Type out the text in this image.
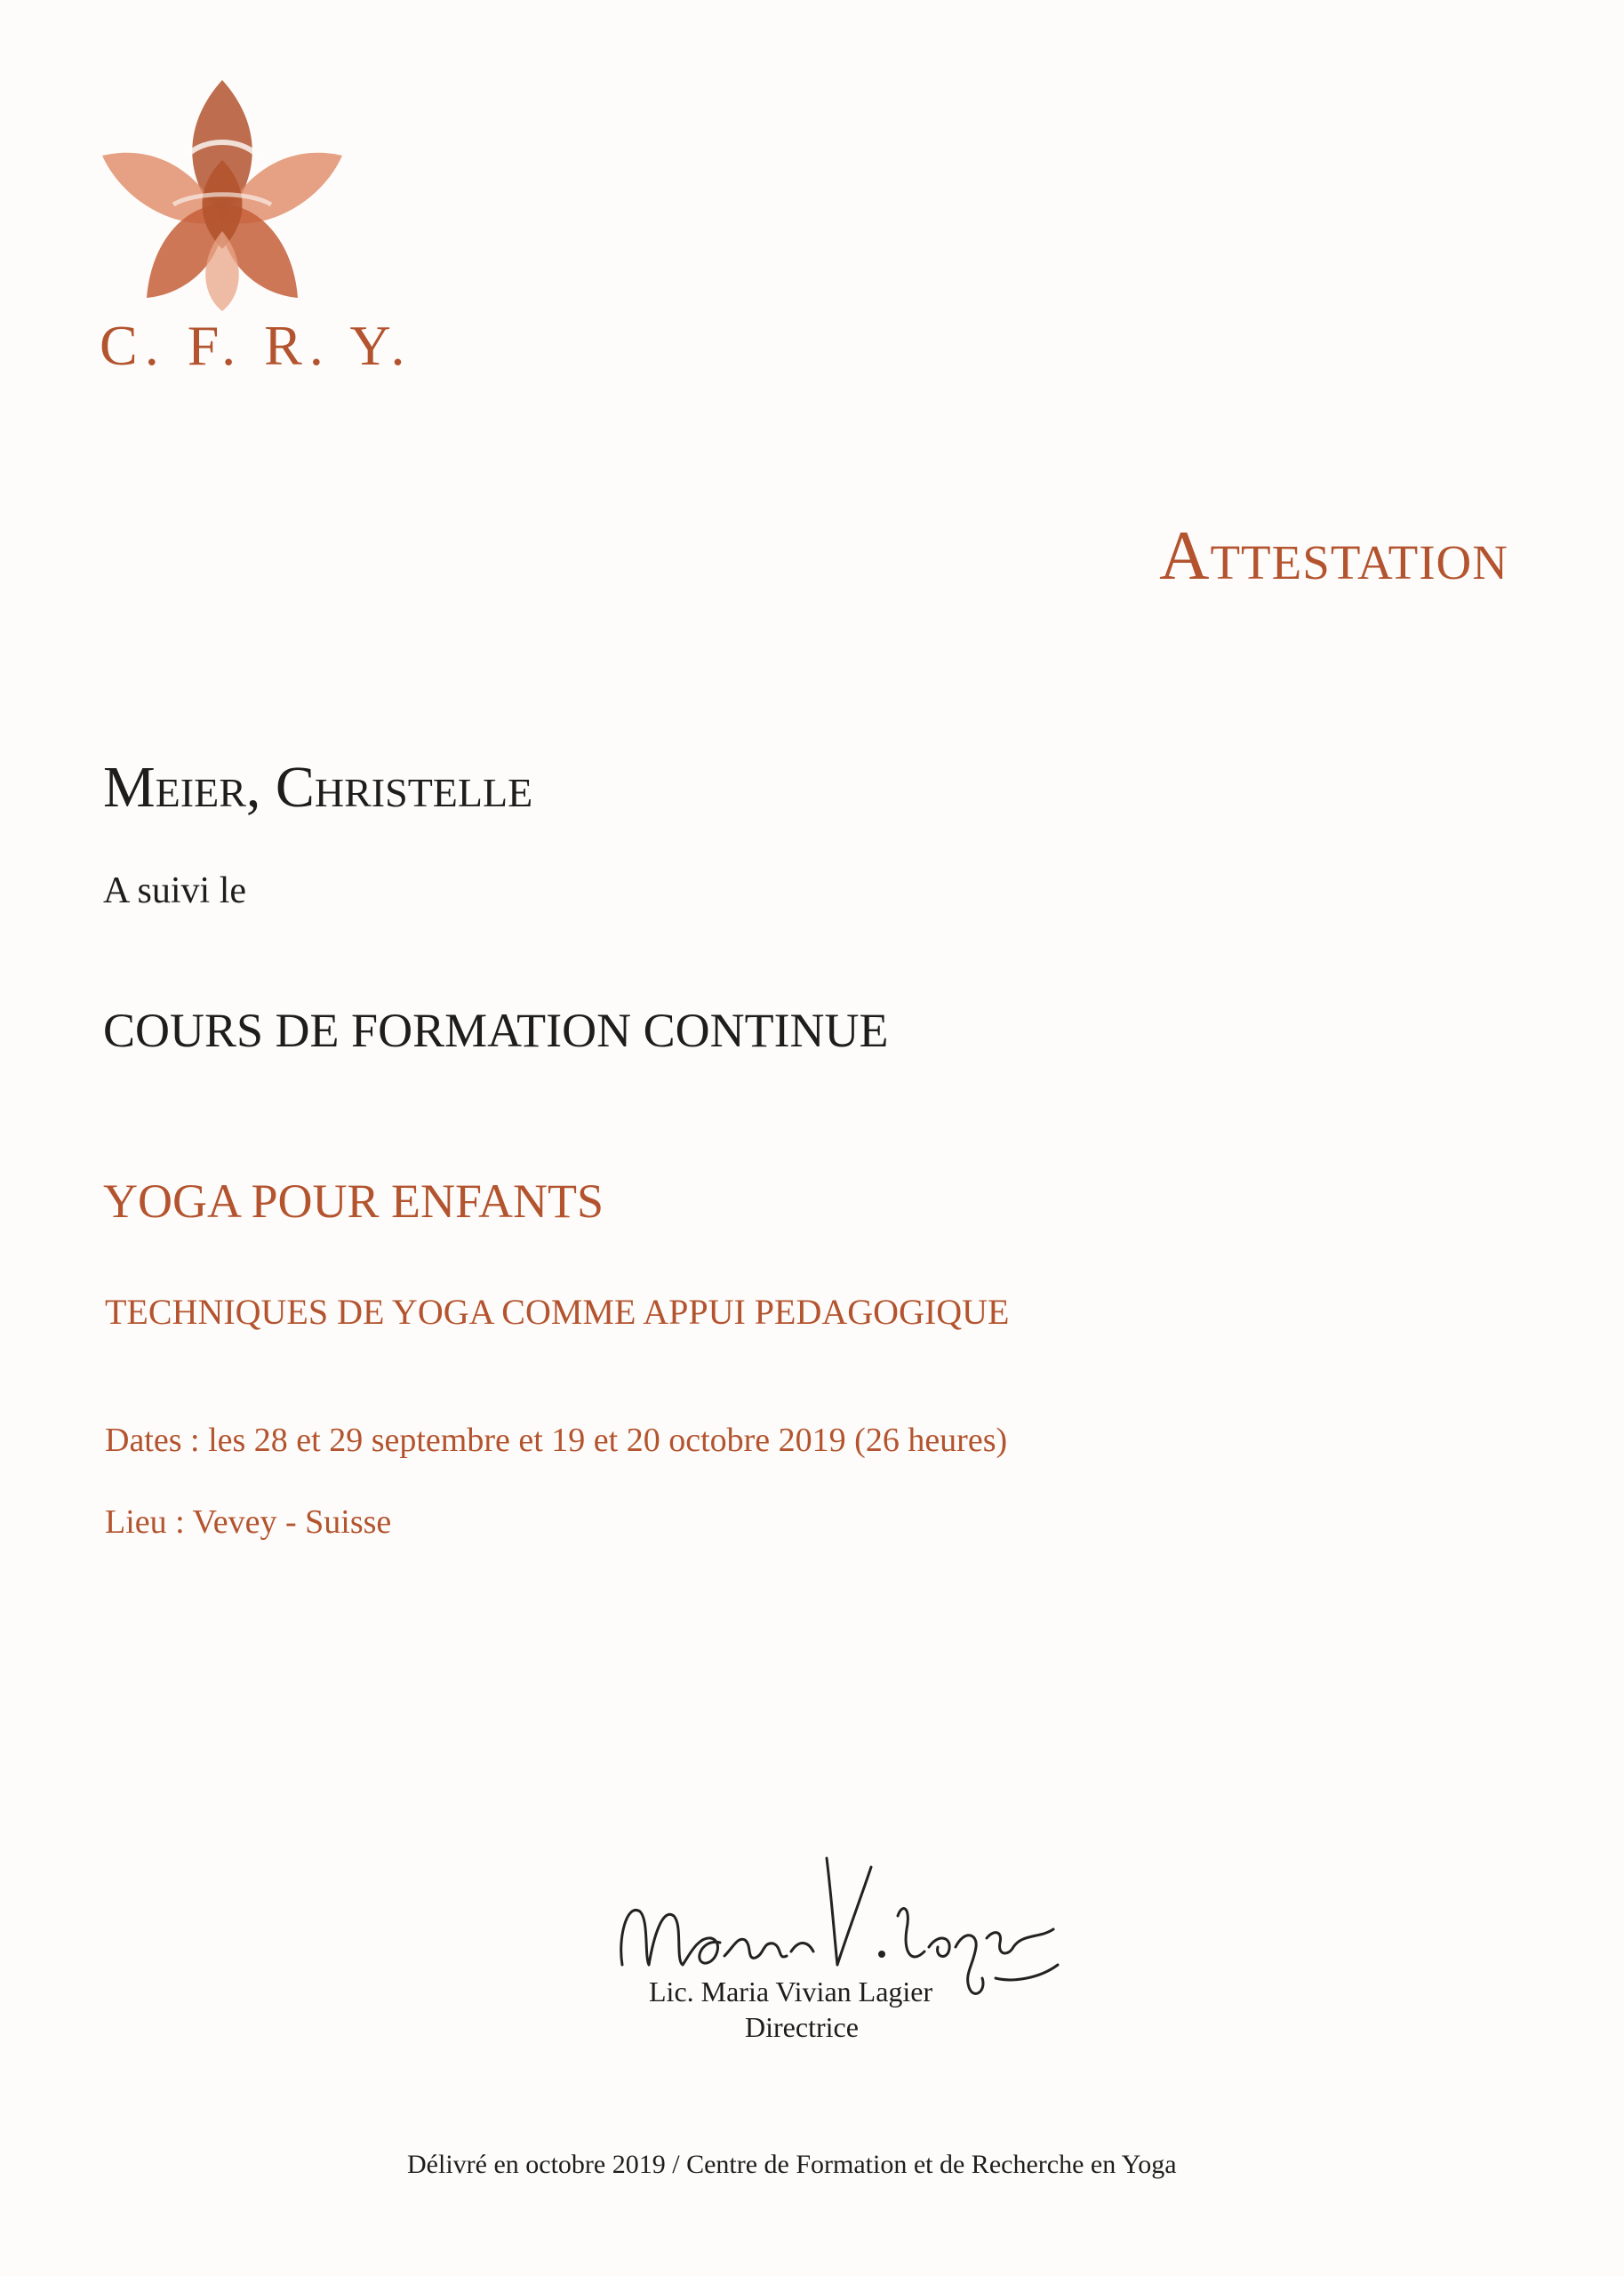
C. F. R. Y.
Attestation
Meier, Christelle
A suivi le
COURS DE FORMATION CONTINUE
YOGA POUR ENFANTS
TECHNIQUES DE YOGA COMME APPUI PEDAGOGIQUE
Dates : les 28 et 29 septembre et 19 et 20 octobre 2019 (26 heures)
Lieu : Vevey - Suisse
Lic. Maria Vivian Lagier
Directrice
Délivré en octobre 2019 / Centre de Formation et de Recherche en Yoga
